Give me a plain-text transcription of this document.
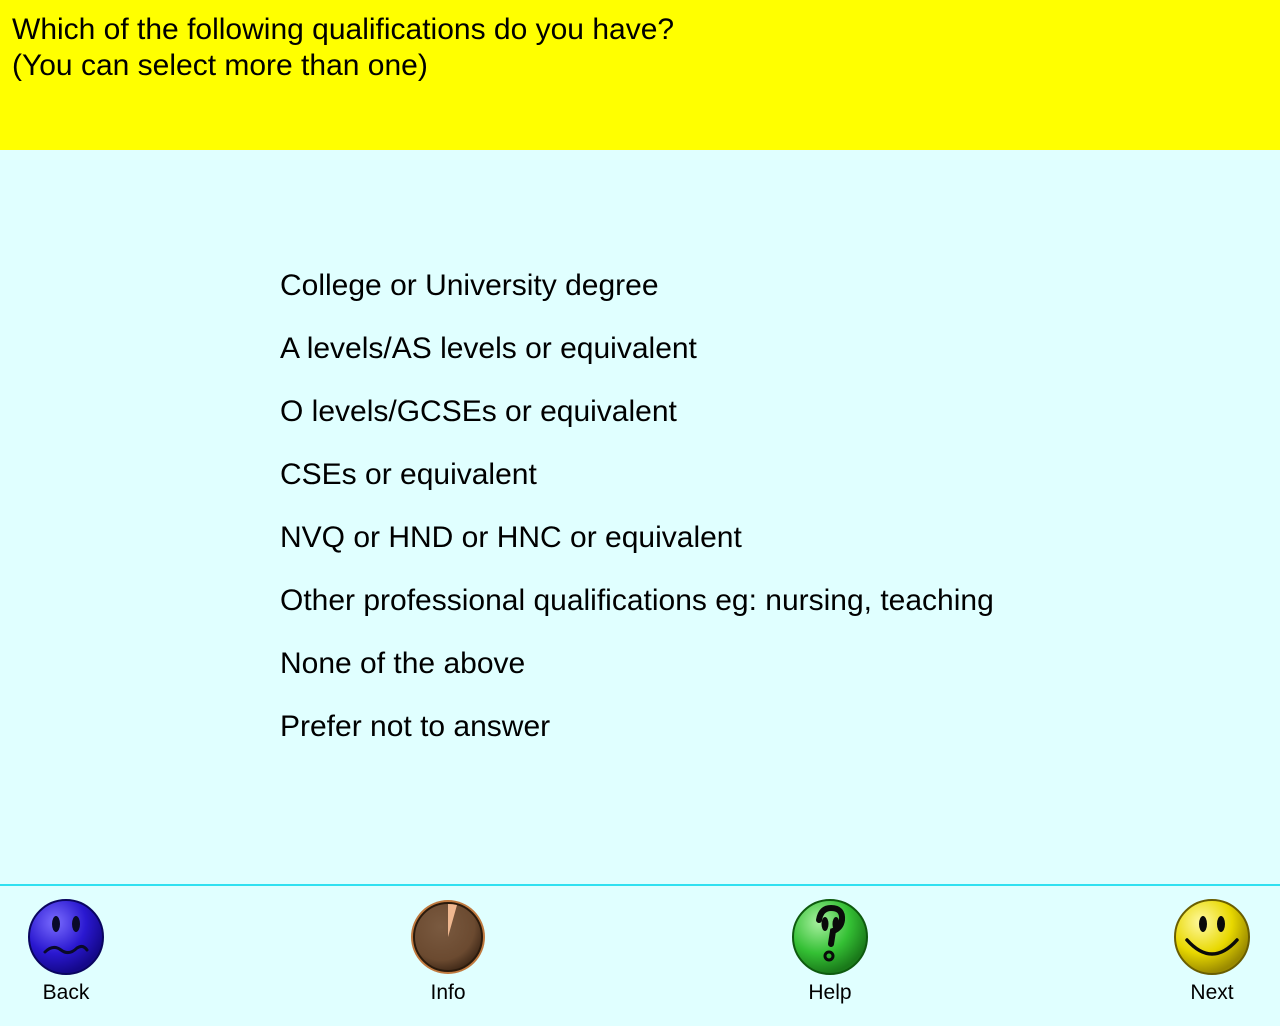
Which of the following qualifications do you have?
(You can select more than one)
College or University degree
A levels/AS levels or equivalent
O levels/GCSEs or equivalent
CSEs or equivalent
NVQ or HND or HNC or equivalent
Other professional qualifications eg: nursing, teaching
None of the above
Prefer not to answer
Back	Info	Help	Next
